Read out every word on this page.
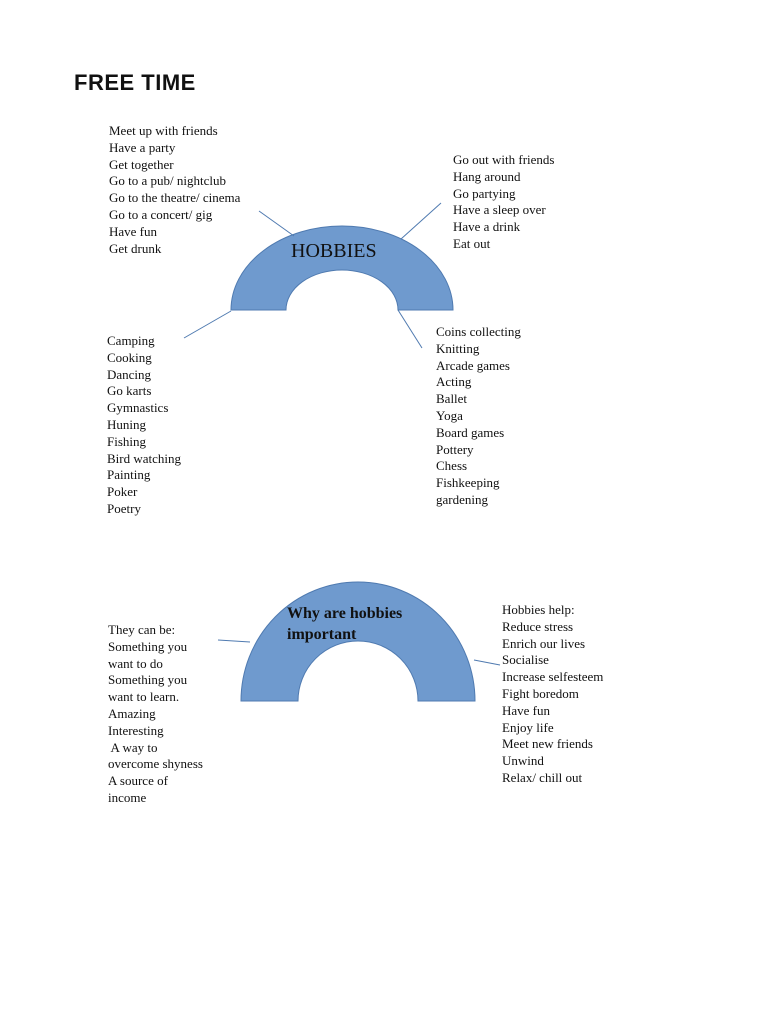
FREE TIME
HOBBIES
Why are hobbies important
Meet up with friends
Have a party
Get together
Go to a pub/ nightclub
Go to the theatre/ cinema
Go to a concert/ gig
Have fun
Get drunk
Go out with friends
Hang around
Go partying
Have a sleep over
Have a drink
Eat out
Camping
Cooking
Dancing
Go karts
Gymnastics
Huning
Fishing
Bird watching
Painting
Poker
Poetry
Coins collecting
Knitting
Arcade games
Acting
Ballet
Yoga
Board games
Pottery
Chess
Fishkeeping
gardening
They can be:
Something you
want to do
Something you
want to learn.
Amazing
Interesting
A way to
overcome shyness
A source of
income
Hobbies help:
Reduce stress
Enrich our lives
Socialise
Increase selfesteem
Fight boredom
Have fun
Enjoy life
Meet new friends
Unwind
Relax/ chill out
